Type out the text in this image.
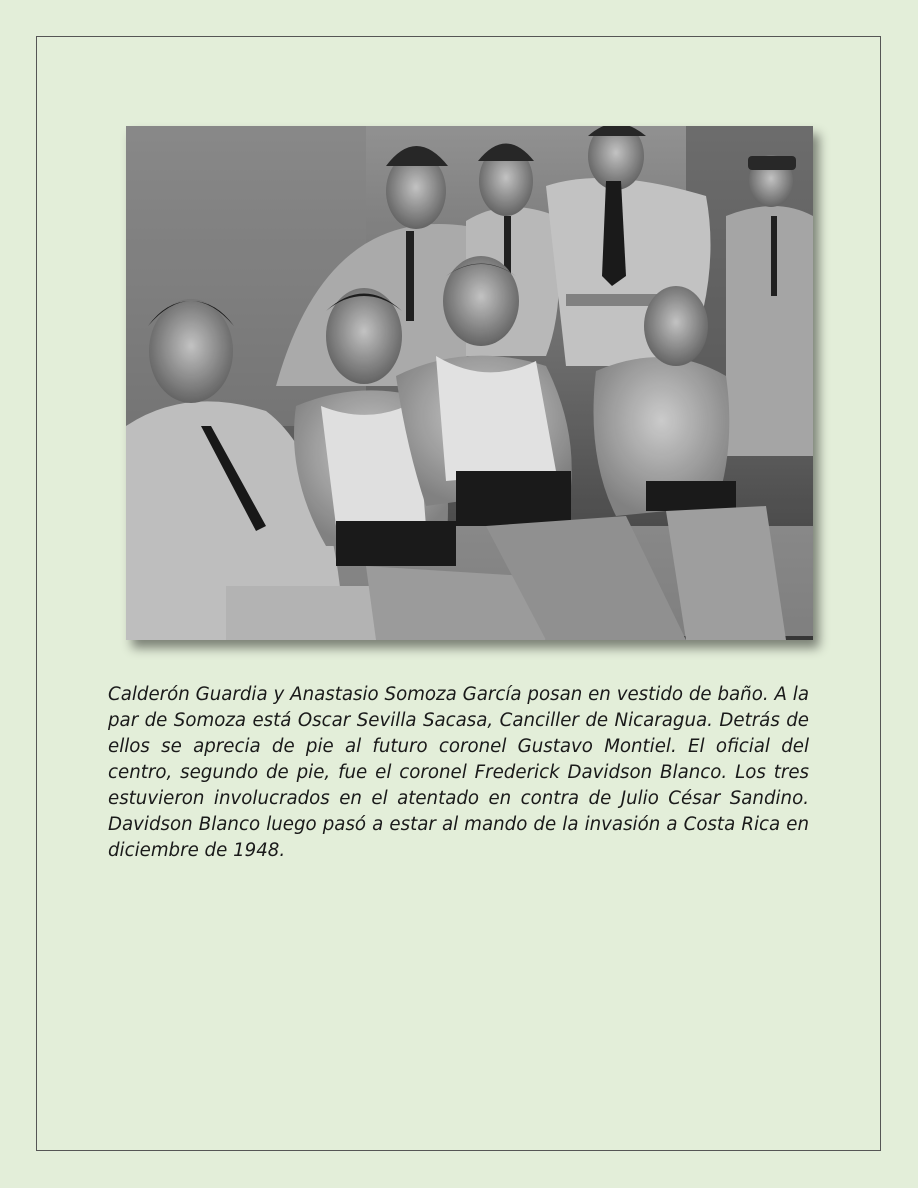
Calderón Guardia y Anastasio Somoza García posan en vestido de baño. A la par de Somoza está Oscar Sevilla Sacasa, Canciller de Nicaragua. Detrás de ellos se aprecia de pie al futuro coronel Gustavo Montiel. El oficial del centro, segundo de pie, fue el coronel Frederick Davidson Blanco. Los tres estuvieron involucrados en el atentado en contra de Julio César Sandino. Davidson Blanco luego pasó a estar al mando de la invasión a Costa Rica en diciembre de 1948.
